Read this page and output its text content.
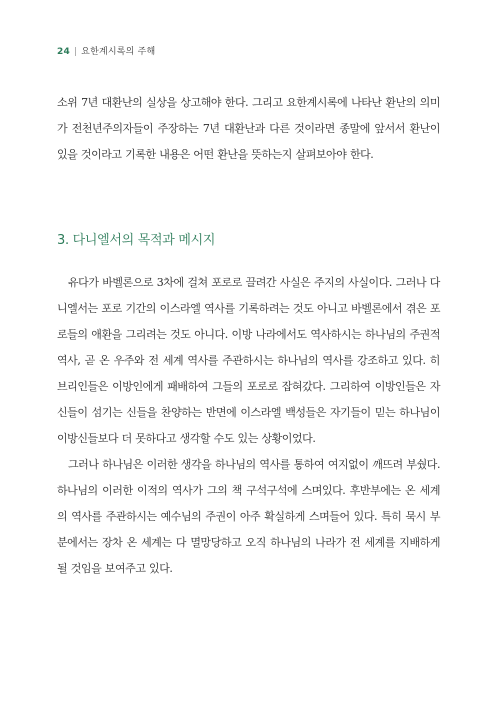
24 | 요한계시록의 주해

소위 7년 대환난의 실상을 상고해야 한다. 그리고 요한계시록에 나타난 환난의 의미가 전천년주의자들이 주장하는 7년 대환난과 다른 것이라면 종말에 앞서서 환난이 있을 것이라고 기록한 내용은 어떤 환난을 뜻하는지 살펴보아야 한다.

3. 다니엘서의 목적과 메시지

유다가 바벨론으로 3차에 걸쳐 포로로 끌려간 사실은 주지의 사실이다. 그러나 다니엘서는 포로 기간의 이스라엘 역사를 기록하려는 것도 아니고 바벨론에서 겪은 포로들의 애환을 그리려는 것도 아니다. 이방 나라에서도 역사하시는 하나님의 주권적 역사, 곧 온 우주와 전 세계 역사를 주관하시는 하나님의 역사를 강조하고 있다. 히브리인들은 이방인에게 패배하여 그들의 포로로 잡혀갔다. 그리하여 이방인들은 자신들이 섬기는 신들을 찬양하는 반면에 이스라엘 백성들은 자기들이 믿는 하나님이 이방신들보다 더 못하다고 생각할 수도 있는 상황이었다.

그러나 하나님은 이러한 생각을 하나님의 역사를 통하여 여지없이 깨뜨려 부쉈다. 하나님의 이러한 이적의 역사가 그의 책 구석구석에 스며있다. 후반부에는 온 세계의 역사를 주관하시는 예수님의 주권이 아주 확실하게 스며들어 있다. 특히 묵시 부분에서는 장차 온 세계는 다 멸망당하고 오직 하나님의 나라가 전 세계를 지배하게 될 것임을 보여주고 있다.
